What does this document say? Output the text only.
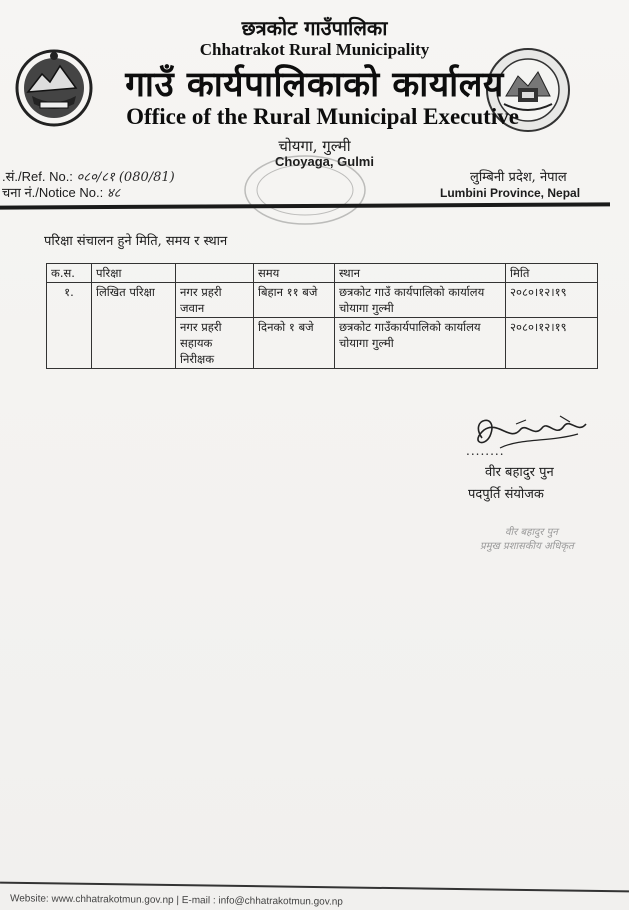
छत्रकोट गाउँपालिका
Chhatrakot Rural Municipality
गाउँ कार्यपालिकाको कार्यालय
Office of the Rural Municipal Executive
चोयगा, गुल्मी
Choyaga, Gulmi
.सं./Ref. No.: ०८०/८१ (080/81)
चना नं./Notice No.: ४८
लुम्बिनी प्रदेश, नेपाल
Lumbini Province, Nepal
परिक्षा संचालन हुने मिति, समय र स्थान
क.स.	परिक्षा		समय	स्थान	मिति
१.	लिखित परिक्षा	नगर प्रहरी जवान	बिहान ११ बजे	छत्रकोट गाउँ कार्यपालिको कार्यालय चोयागा गुल्मी	२०८०।१२।१९
		नगर प्रहरी सहायक निरीक्षक	दिनको १ बजे	छत्रकोट गाउँकार्यपालिको कार्यालय चोयागा गुल्मी	२०८०।१२।१९
........
वीर बहादुर पुन
पदपुर्ति संयोजक
वीर बहादुर पुन
प्रमुख प्रशासकीय अधिकृत
Website: www.chhatrakotmun.gov.np | E-mail : info@chhatrakotmun.gov.np
